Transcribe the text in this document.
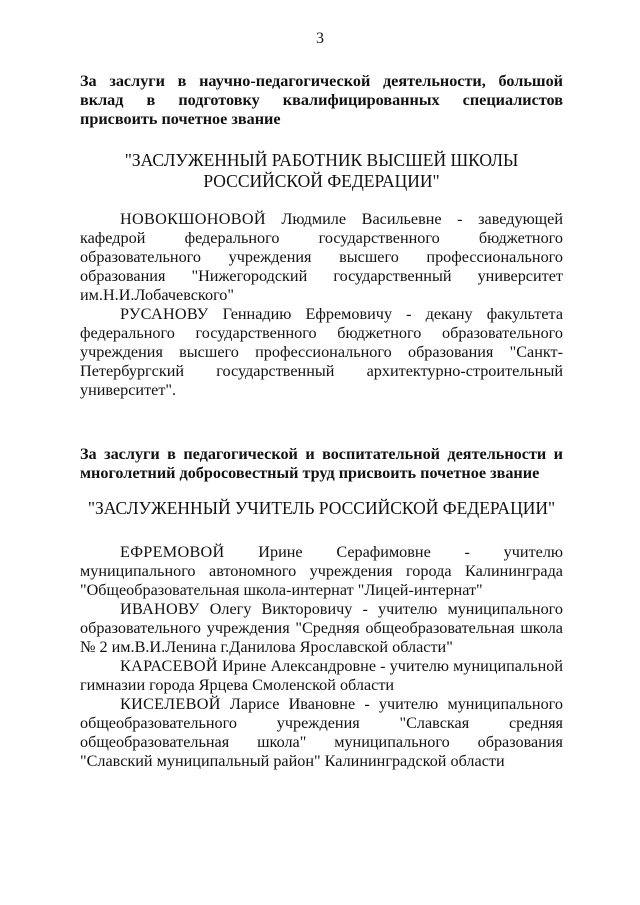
3
За заслуги в научно-педагогической деятельности, большой вклад в подготовку квалифицированных специалистов присвоить почетное звание
"ЗАСЛУЖЕННЫЙ РАБОТНИК ВЫСШЕЙ ШКОЛЫ
РОССИЙСКОЙ ФЕДЕРАЦИИ"
НОВОКШОНОВОЙ Людмиле Васильевне - заведующей кафедрой федерального государственного бюджетного образовательного учреждения высшего профессионального образования "Нижегородский государственный университет им.Н.И.Лобачевского"
РУСАНОВУ Геннадию Ефремовичу - декану факультета федерального государственного бюджетного образовательного учреждения высшего профессионального образования "Санкт-Петербургский государственный архитектурно-строительный университет".
За заслуги в педагогической и воспитательной деятельности и многолетний добросовестный труд присвоить почетное звание
"ЗАСЛУЖЕННЫЙ УЧИТЕЛЬ РОССИЙСКОЙ ФЕДЕРАЦИИ"
ЕФРЕМОВОЙ Ирине Серафимовне - учителю муниципального автономного учреждения города Калининграда "Общеобразовательная школа-интернат "Лицей-интернат"
ИВАНОВУ Олегу Викторовичу - учителю муниципального образовательного учреждения "Средняя общеобразовательная школа № 2 им.В.И.Ленина г.Данилова Ярославской области"
КАРАСЕВОЙ Ирине Александровне - учителю муниципальной гимназии города Ярцева Смоленской области
КИСЕЛЕВОЙ Ларисе Ивановне - учителю муниципального общеобразовательного учреждения "Славская средняя общеобразовательная школа" муниципального образования "Славский муниципальный район" Калининградской области
